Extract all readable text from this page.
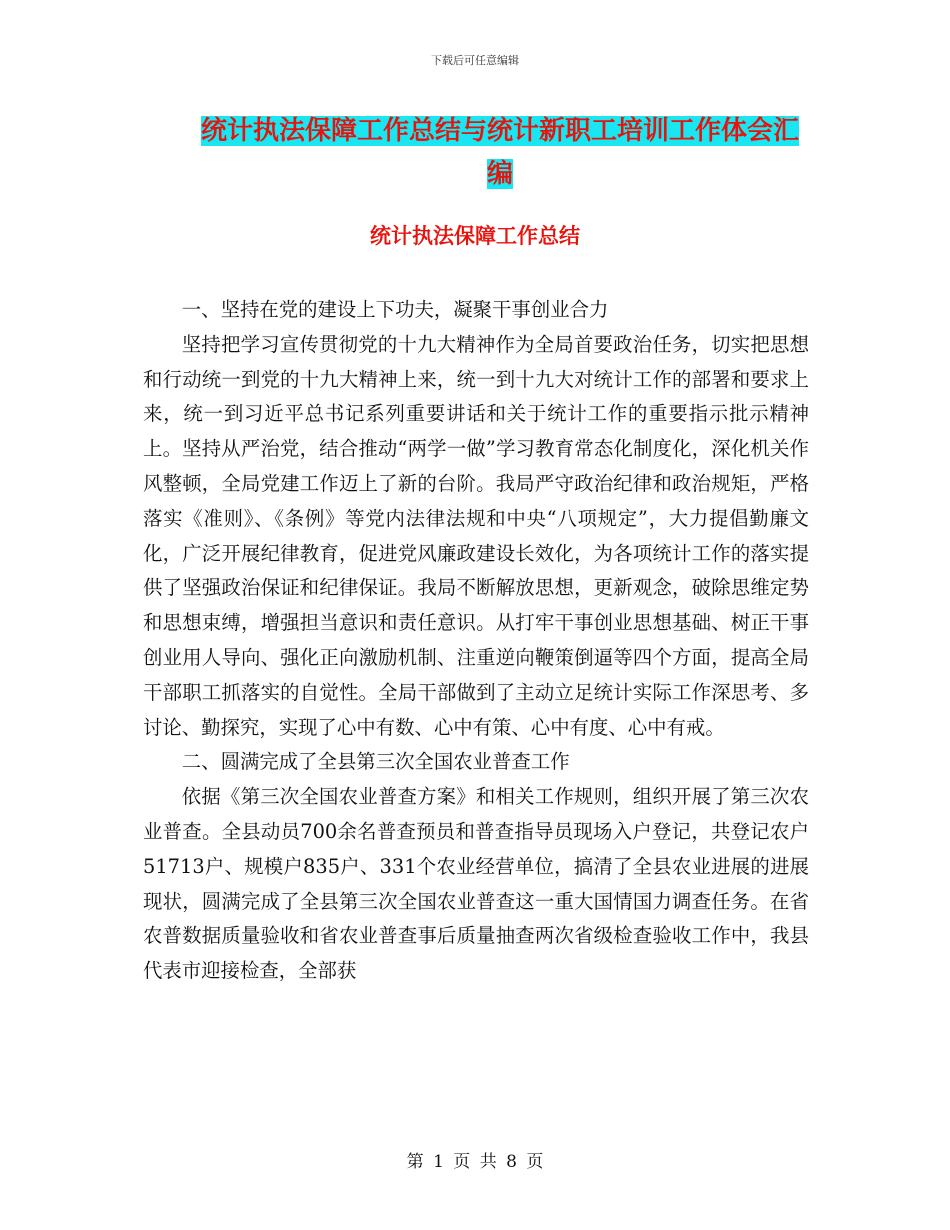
下载后可任意编辑
统计执法保障工作总结与统计新职工培训工作体会汇编
统计执法保障工作总结

一、坚持在党的建设上下功夫，凝聚干事创业合力

坚持把学习宣传贯彻党的十九大精神作为全局首要政治任务，切实把思想和行动统一到党的十九大精神上来，统一到十九大对统计工作的部署和要求上来，统一到习近平总书记系列重要讲话和关于统计工作的重要指示批示精神上。坚持从严治党，结合推动“两学一做”学习教育常态化制度化，深化机关作风整顿，全局党建工作迈上了新的台阶。我局严守政治纪律和政治规矩，严格落实《准则》、《条例》等党内法律法规和中央“八项规定”，大力提倡勤廉文化，广泛开展纪律教育，促进党风廉政建设长效化，为各项统计工作的落实提供了坚强政治保证和纪律保证。我局不断解放思想，更新观念，破除思维定势和思想束缚，增强担当意识和责任意识。从打牢干事创业思想基础、树正干事创业用人导向、强化正向激励机制、注重逆向鞭策倒逼等四个方面，提高全局干部职工抓落实的自觉性。全局干部做到了主动立足统计实际工作深思考、多讨论、勤探究，实现了心中有数、心中有策、心中有度、心中有戒。

二、圆满完成了全县第三次全国农业普查工作

依据《第三次全国农业普查方案》和相关工作规则，组织开展了第三次农业普查。全县动员700余名普查预员和普查指导员现场入户登记，共登记农户51713户、规模户835户、331个农业经营单位，搞清了全县农业进展的进展现状，圆满完成了全县第三次全国农业普查这一重大国情国力调查任务。在省农普数据质量验收和省农业普查事后质量抽查两次省级检查验收工作中，我县代表市迎接检查，全部获

第 1 页 共 8 页
